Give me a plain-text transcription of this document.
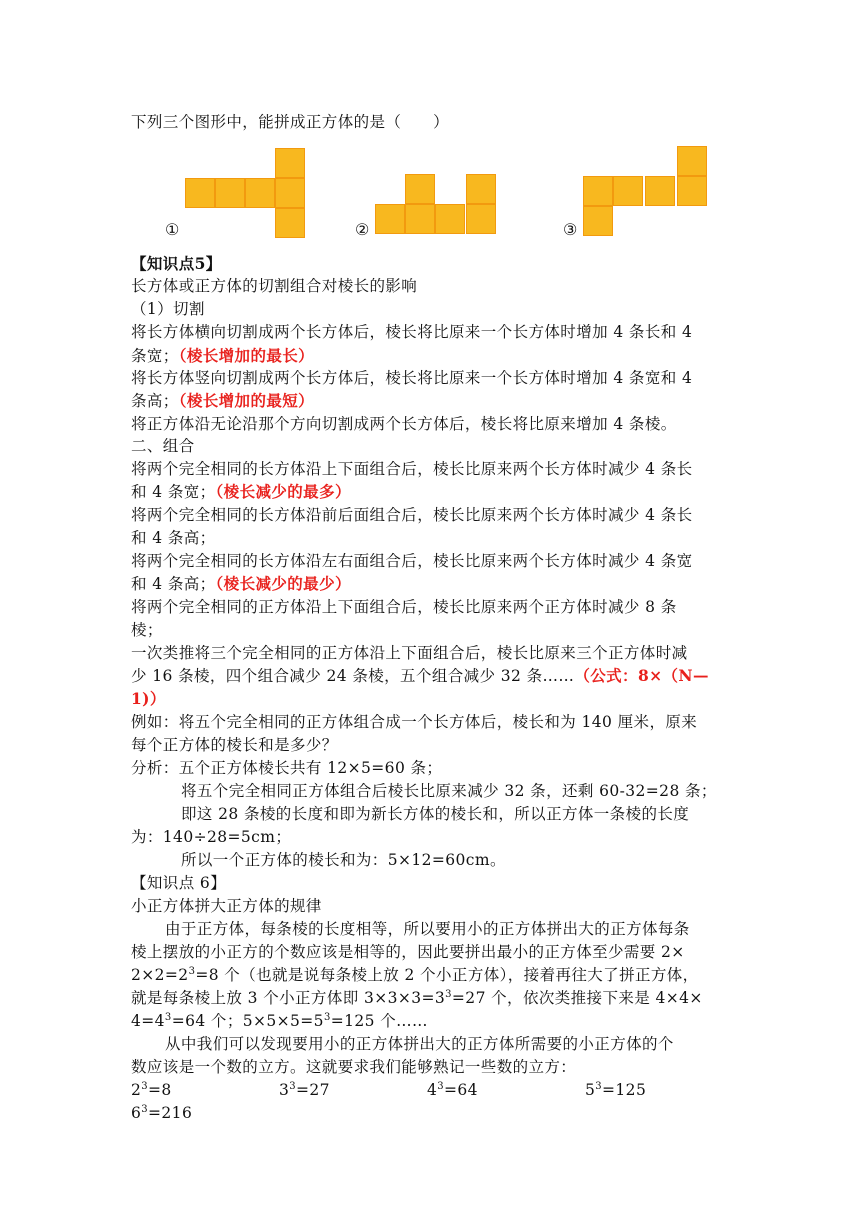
下列三个图形中，能拼成正方体的是（　　）
①	②	③
【知识点5】
长方体或正方体的切割组合对棱长的影响
（1）切割
将长方体横向切割成两个长方体后，棱长将比原来一个长方体时增加 4 条长和 4
条宽；（棱长增加的最长）
将长方体竖向切割成两个长方体后，棱长将比原来一个长方体时增加 4 条宽和 4
条高；（棱长增加的最短）
将正方体沿无论沿那个方向切割成两个长方体后，棱长将比原来增加 4 条棱。
二、组合
将两个完全相同的长方体沿上下面组合后，棱长比原来两个长方体时减少 4 条长
和 4 条宽；（棱长减少的最多）
将两个完全相同的长方体沿前后面组合后，棱长比原来两个长方体时减少 4 条长
和 4 条高；
将两个完全相同的长方体沿左右面组合后，棱长比原来两个长方体时减少 4 条宽
和 4 条高；（棱长减少的最少）
将两个完全相同的正方体沿上下面组合后，棱长比原来两个正方体时减少 8 条
棱；
一次类推将三个完全相同的正方体沿上下面组合后，棱长比原来三个正方体时减
少 16 条棱，四个组合减少 24 条棱，五个组合减少 32 条……（公式：8×（N—
1)）
例如：将五个完全相同的正方体组合成一个长方体后，棱长和为 140 厘米，原来
每个正方体的棱长和是多少？
分析：五个正方体棱长共有 12×5=60 条；
将五个完全相同正方体组合后棱长比原来减少 32 条，还剩 60-32=28 条；
即这 28 条棱的长度和即为新长方体的棱长和，所以正方体一条棱的长度
为：140÷28=5cm；
所以一个正方体的棱长和为：5×12=60cm。
【知识点 6】
小正方体拼大正方体的规律
由于正方体，每条棱的长度相等，所以要用小的正方体拼出大的正方体每条
棱上摆放的小正方的个数应该是相等的，因此要拼出最小的正方体至少需要 2×
$2\times 2=2^3=8$ 个（也就是说每条棱上放 2 个小正方体），接着再往大了拼正方体，
就是每条棱上放 3 个小正方体即 $3\times 3\times 3=3^3=27$ 个，依次类推接下来是 4×4×
$4=4^3=64$ 个；$5\times 5\times 5=5^3=125$ 个……
从中我们可以发现要用小的正方体拼出大的正方体所需要的小正方体的个
数应该是一个数的立方。这就要求我们能够熟记一些数的立方：
$2^3=8$	$3^3=27$	$4^3=64$	$5^3=125$
$6^3=216$
